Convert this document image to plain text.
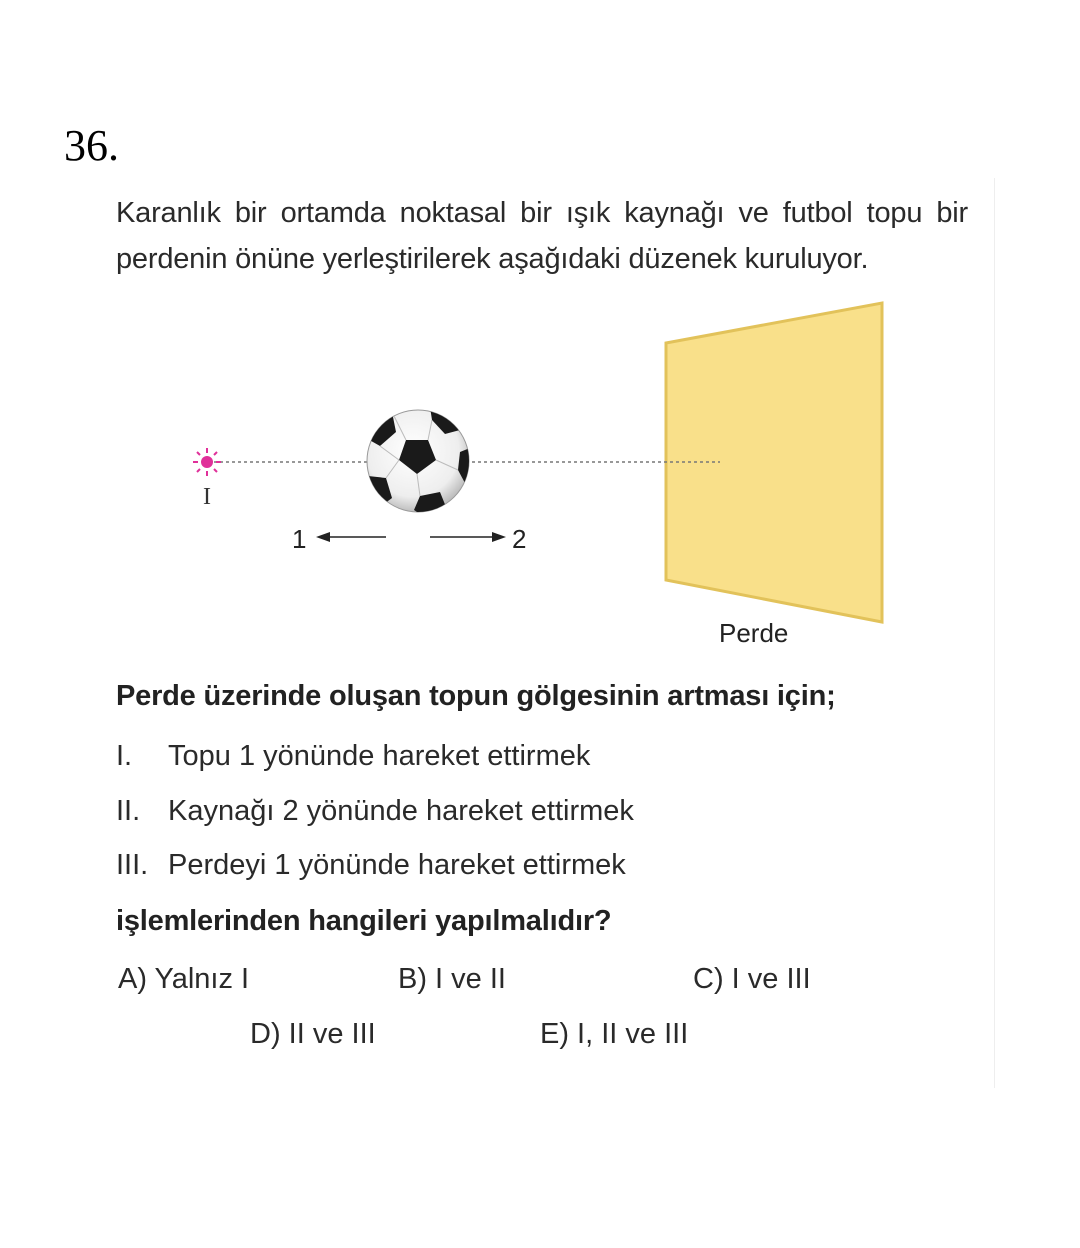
36.
Karanlık bir ortamda noktasal bir ışık kaynağı ve futbol topu bir perdenin önüne yerleştirilerek aşağıdaki düzenek kuruluyor.
I
1	2
Perde
Perde üzerinde oluşan topun gölgesinin artması için;
I. Topu 1 yönünde hareket ettirmek
II. Kaynağı 2 yönünde hareket ettirmek
III. Perdeyi 1 yönünde hareket ettirmek
işlemlerinden hangileri yapılmalıdır?
A) Yalnız I	B) I ve II	C) I ve III
D) II ve III	E) I, II ve III
